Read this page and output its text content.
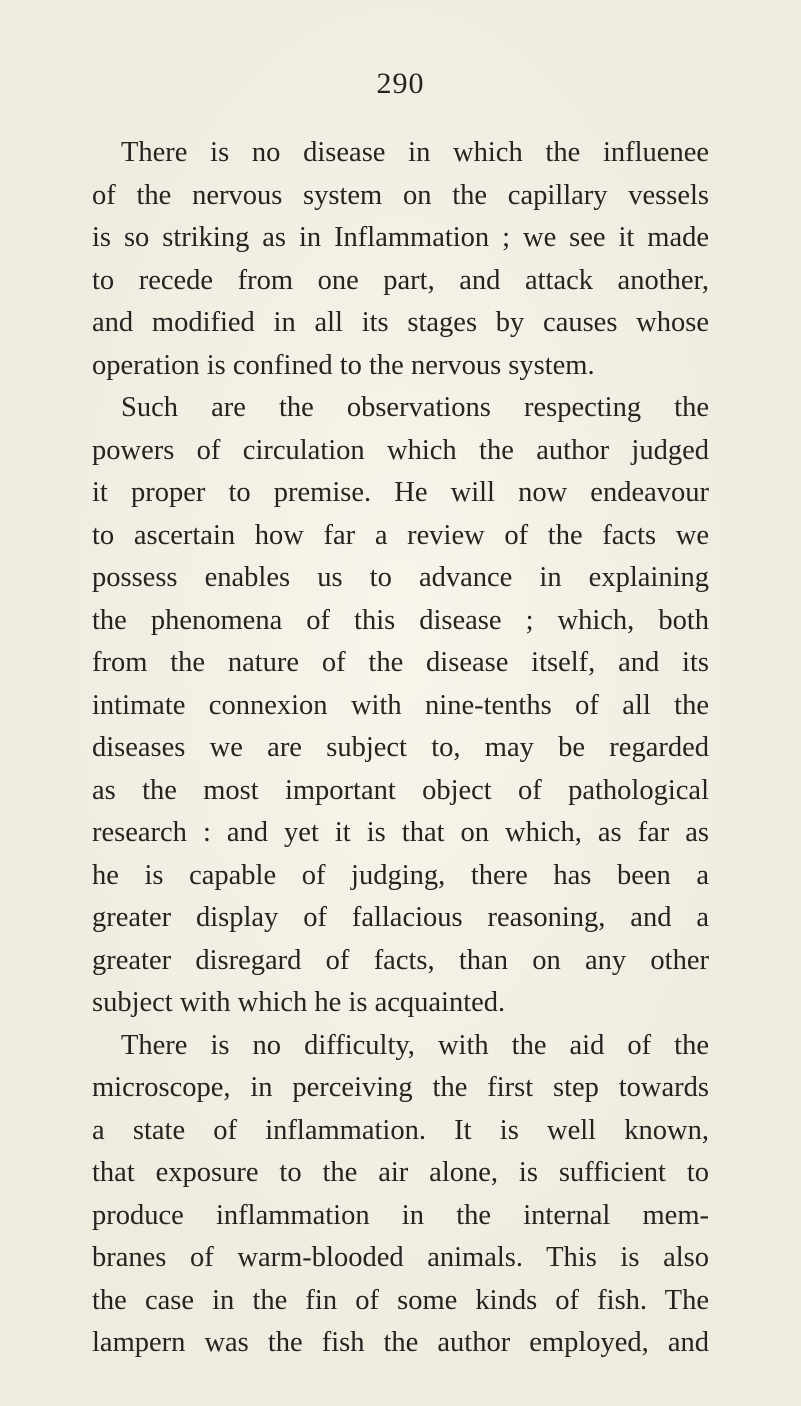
290
There is no disease in which the influenee
of the nervous system on the capillary vessels
is so striking as in Inflammation ; we see it made
to recede from one part, and attack another,
and modified in all its stages by causes whose
operation is confined to the nervous system.
Such are the observations respecting the
powers of circulation which the author judged
it proper to premise. He will now endeavour
to ascertain how far a review of the facts we
possess enables us to advance in explaining
the phenomena of this disease ; which, both
from the nature of the disease itself, and its
intimate connexion with nine-tenths of all the
diseases we are subject to, may be regarded
as the most important object of pathological
research : and yet it is that on which, as far as
he is capable of judging, there has been a
greater display of fallacious reasoning, and a
greater disregard of facts, than on any other
subject with which he is acquainted.
There is no difficulty, with the aid of the
microscope, in perceiving the first step towards
a state of inflammation. It is well known,
that exposure to the air alone, is sufficient to
produce inflammation in the internal mem-
branes of warm-blooded animals. This is also
the case in the fin of some kinds of fish. The
lampern was the fish the author employed, and
